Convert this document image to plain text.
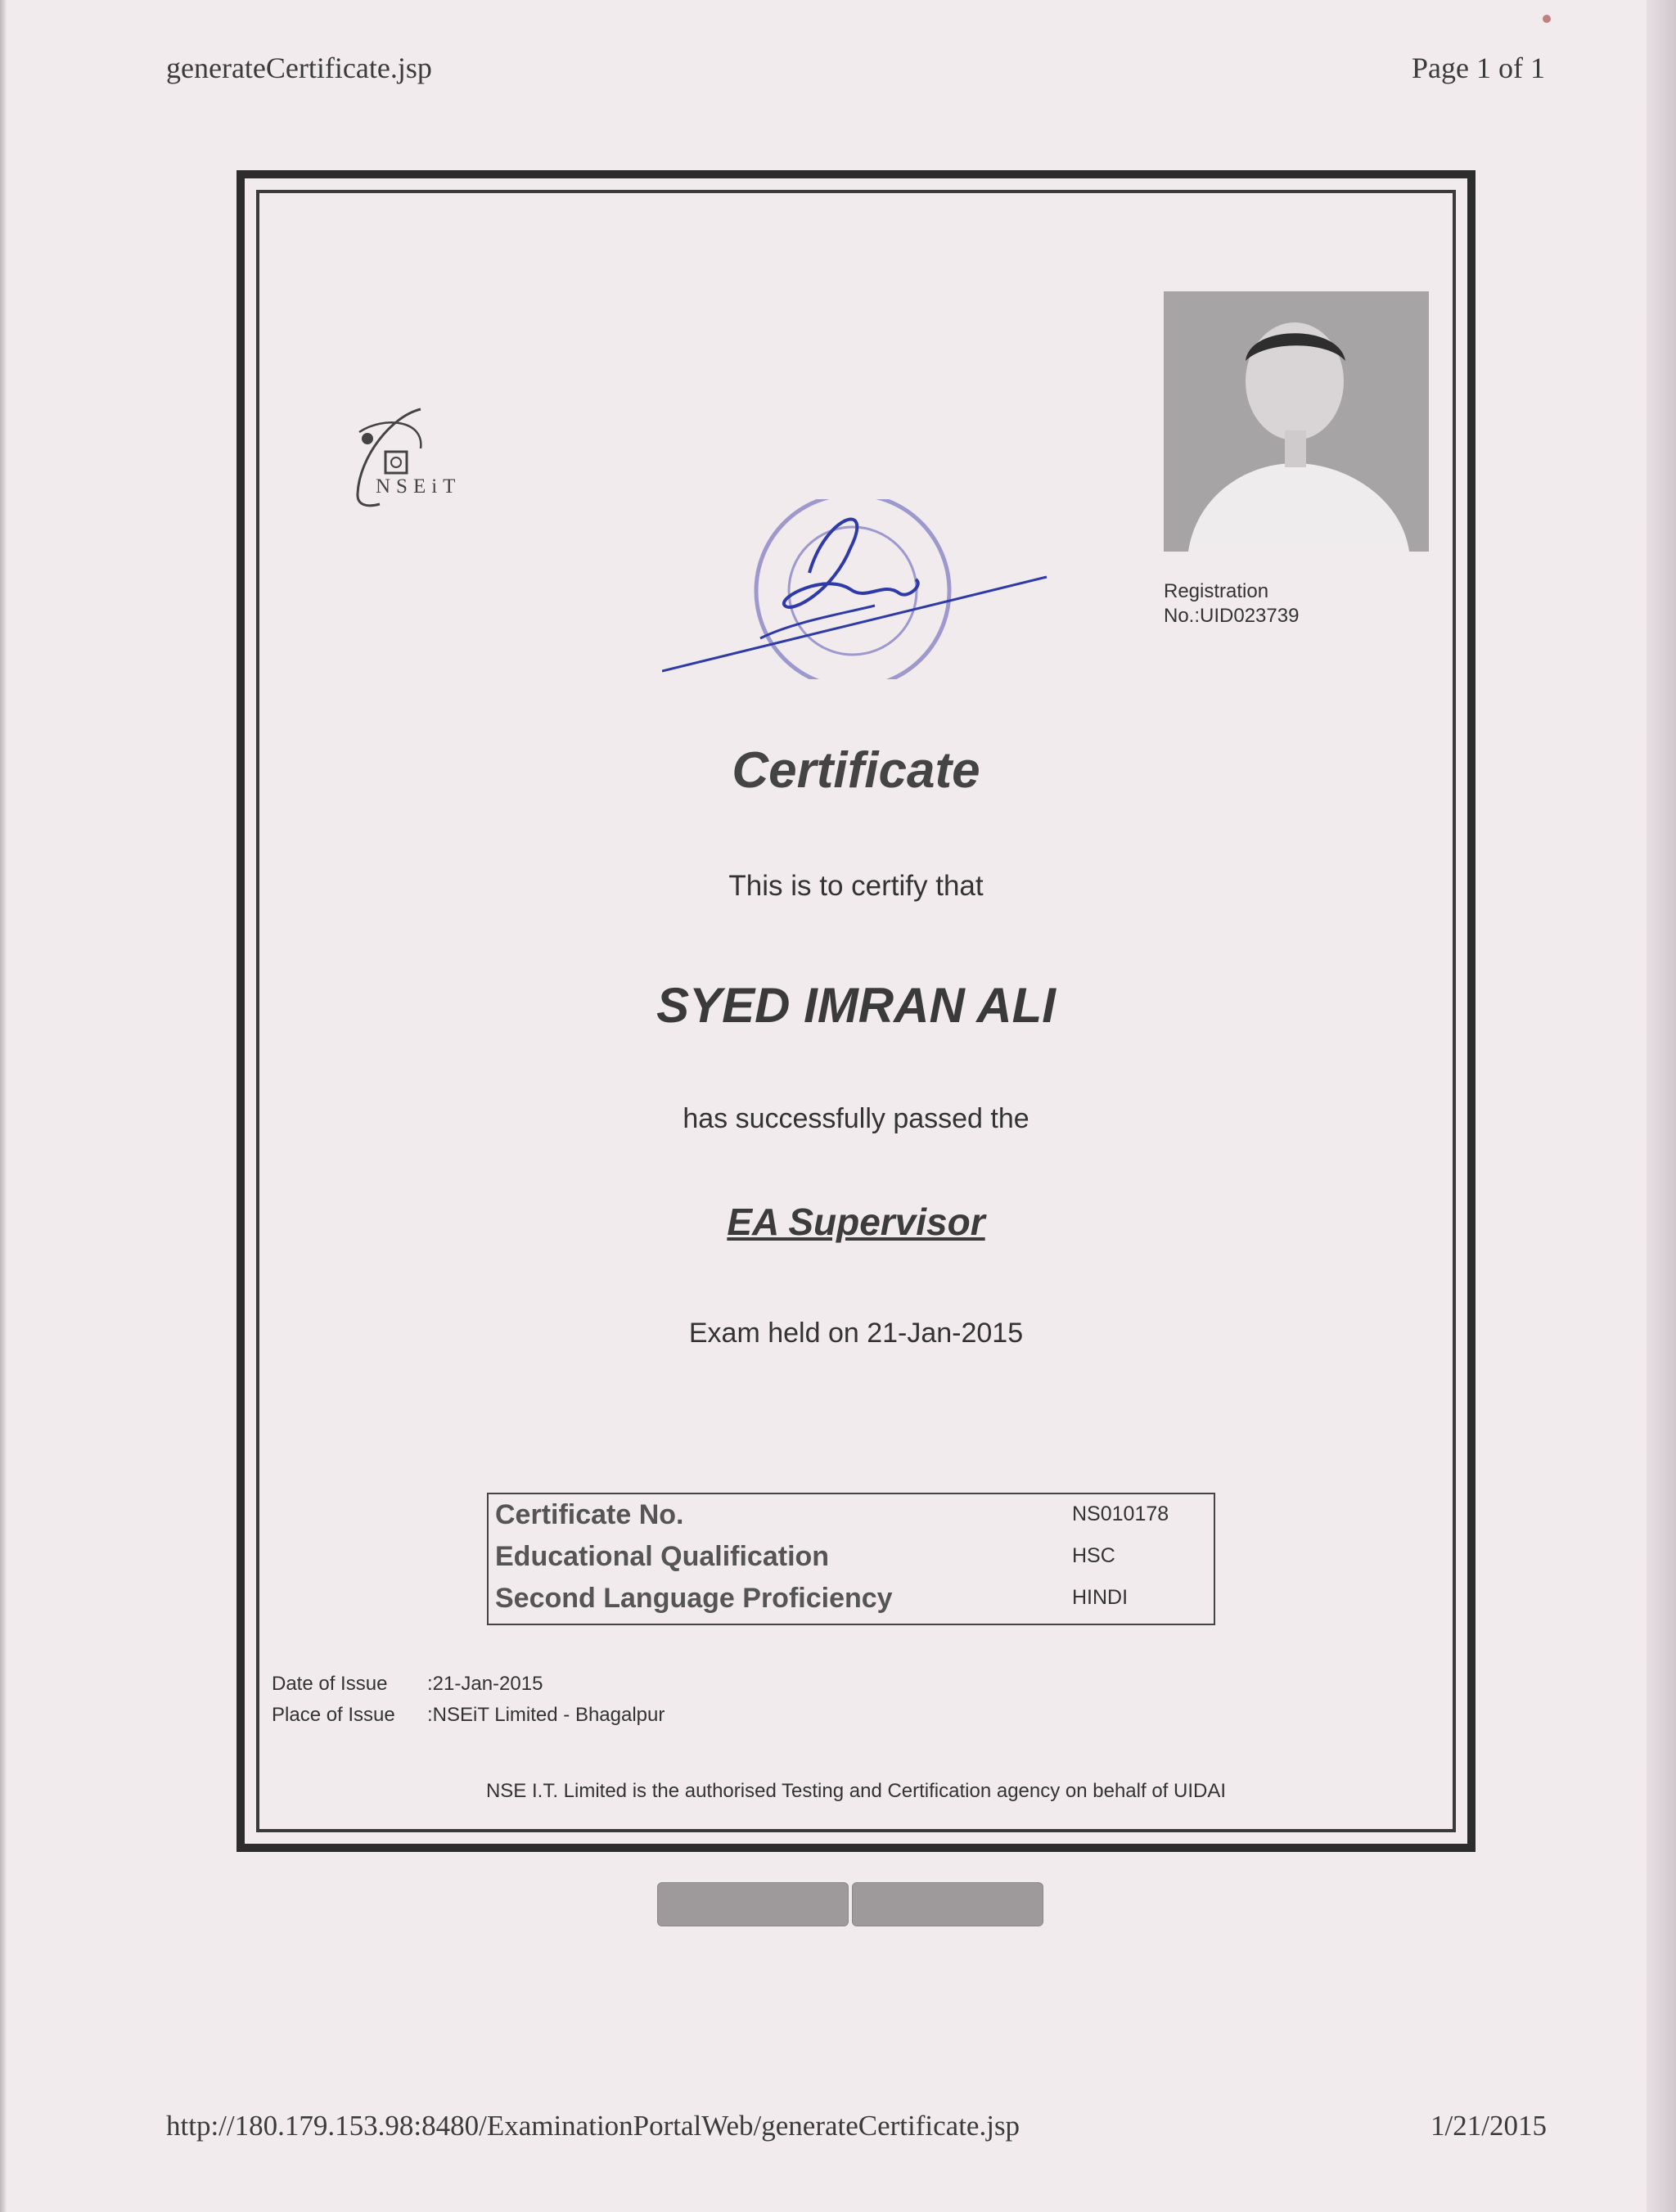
generateCertificate.jsp	Page 1 of 1
NSEiT
Registration
No.:UID023739
Certificate
This is to certify that
SYED IMRAN ALI
has successfully passed the
EA Supervisor
Exam held on 21-Jan-2015
Certificate No.	NS010178
Educational Qualification	HSC
Second Language Proficiency	HINDI
Date of Issue :21-Jan-2015
Place of Issue :NSEiT Limited - Bhagalpur
NSE I.T. Limited is the authorised Testing and Certification agency on behalf of UIDAI
http://180.179.153.98:8480/ExaminationPortalWeb/generateCertificate.jsp	1/21/2015
